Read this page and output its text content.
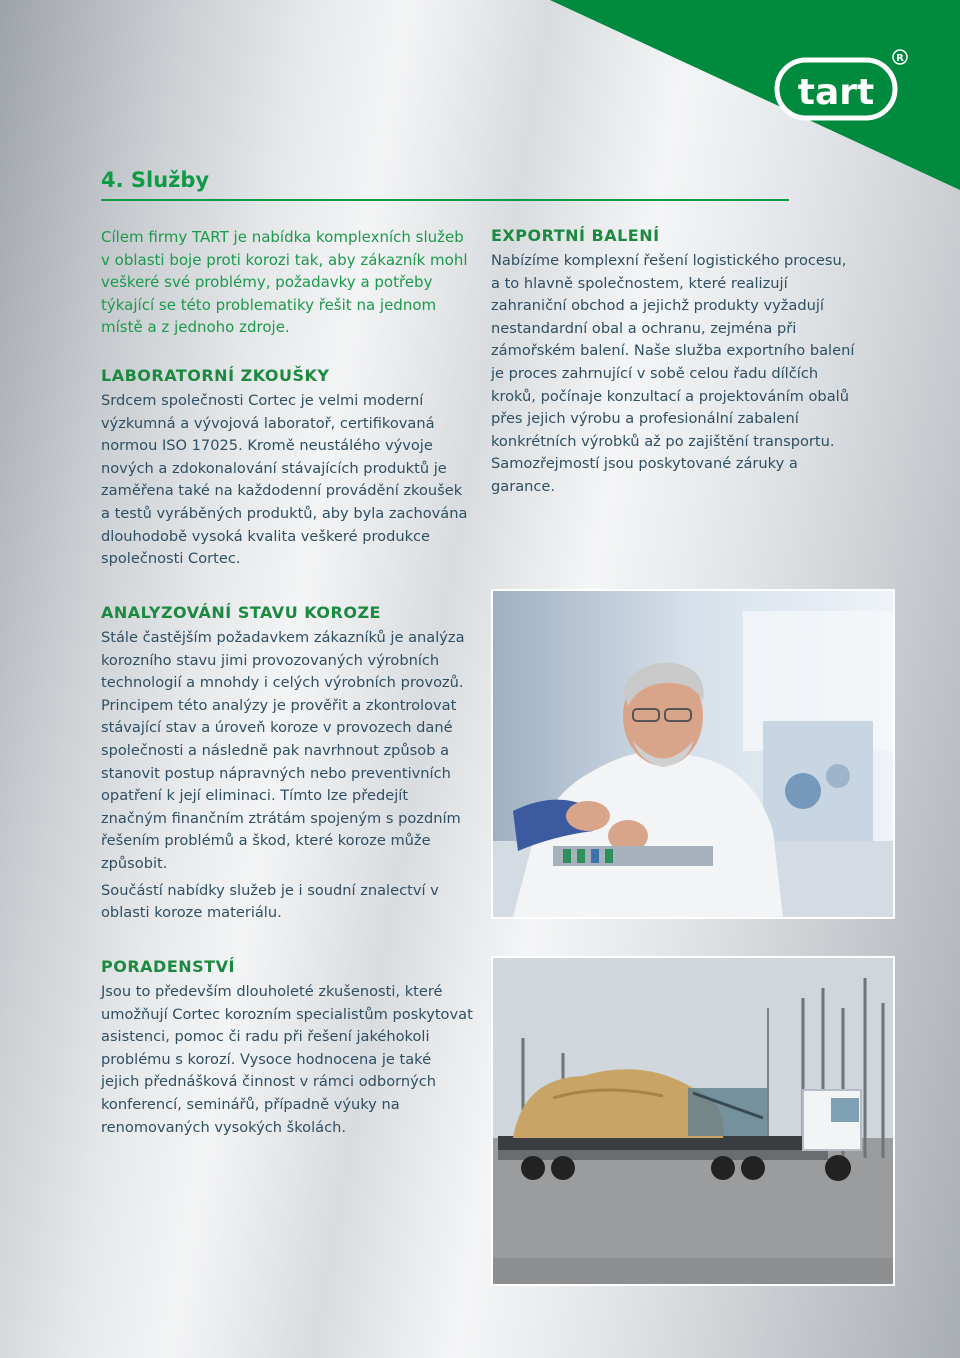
tart
R
4. Služby

Cílem firmy TART je nabídka komplexních služeb v oblasti boje proti korozi tak, aby zákazník mohl veškeré své problémy, požadavky a potřeby týkající se této problematiky řešit na jednom místě a z jednoho zdroje.

LABORATORNÍ ZKOUŠKY

Srdcem společnosti Cortec je velmi moderní výzkumná a vývojová laboratoř, certifikovaná normou ISO 17025. Kromě neustálého vývoje nových a zdokonalování stávajících produktů je zaměřena také na každodenní provádění zkoušek a testů vyráběných produktů, aby byla zachována dlouhodobě vysoká kvalita veškeré produkce společnosti Cortec.

ANALYZOVÁNÍ STAVU KOROZE

Stále častějším požadavkem zákazníků je analýza korozního stavu jimi provozovaných výrobních technologií a mnohdy i celých výrobních provozů. Principem této analýzy je prověřit a zkontrolovat stávající stav a úroveň koroze v provozech dané společnosti a následně pak navrhnout způsob a stanovit postup nápravných nebo preventivních opatření k její eliminaci. Tímto lze předejít značným finančním ztrátám spojeným s pozdním řešením problémů a škod, které koroze může způsobit.

Součástí nabídky služeb je i soudní znalectví v oblasti koroze materiálu.

PORADENSTVÍ

Jsou to především dlouholeté zkušenosti, které umožňují Cortec korozním specialistům poskytovat asistenci, pomoc či radu při řešení jakéhokoli problému s korozí. Vysoce hodnocena je také jejich přednášková činnost v rámci odborných konferencí, seminářů, případně výuky na renomovaných vysokých školách.

EXPORTNÍ BALENÍ

Nabízíme komplexní řešení logistického procesu, a to hlavně společnostem, které realizují zahraniční obchod a jejichž produkty vyžadují nestandardní obal a ochranu, zejména při zámořském balení. Naše služba exportního balení je proces zahrnující v sobě celou řadu dílčích kroků, počínaje konzultací a projektováním obalů přes jejich výrobu a profesionální zabalení konkrétních výrobků až po zajištění transportu. Samozřejmostí jsou poskytované záruky a garance.
